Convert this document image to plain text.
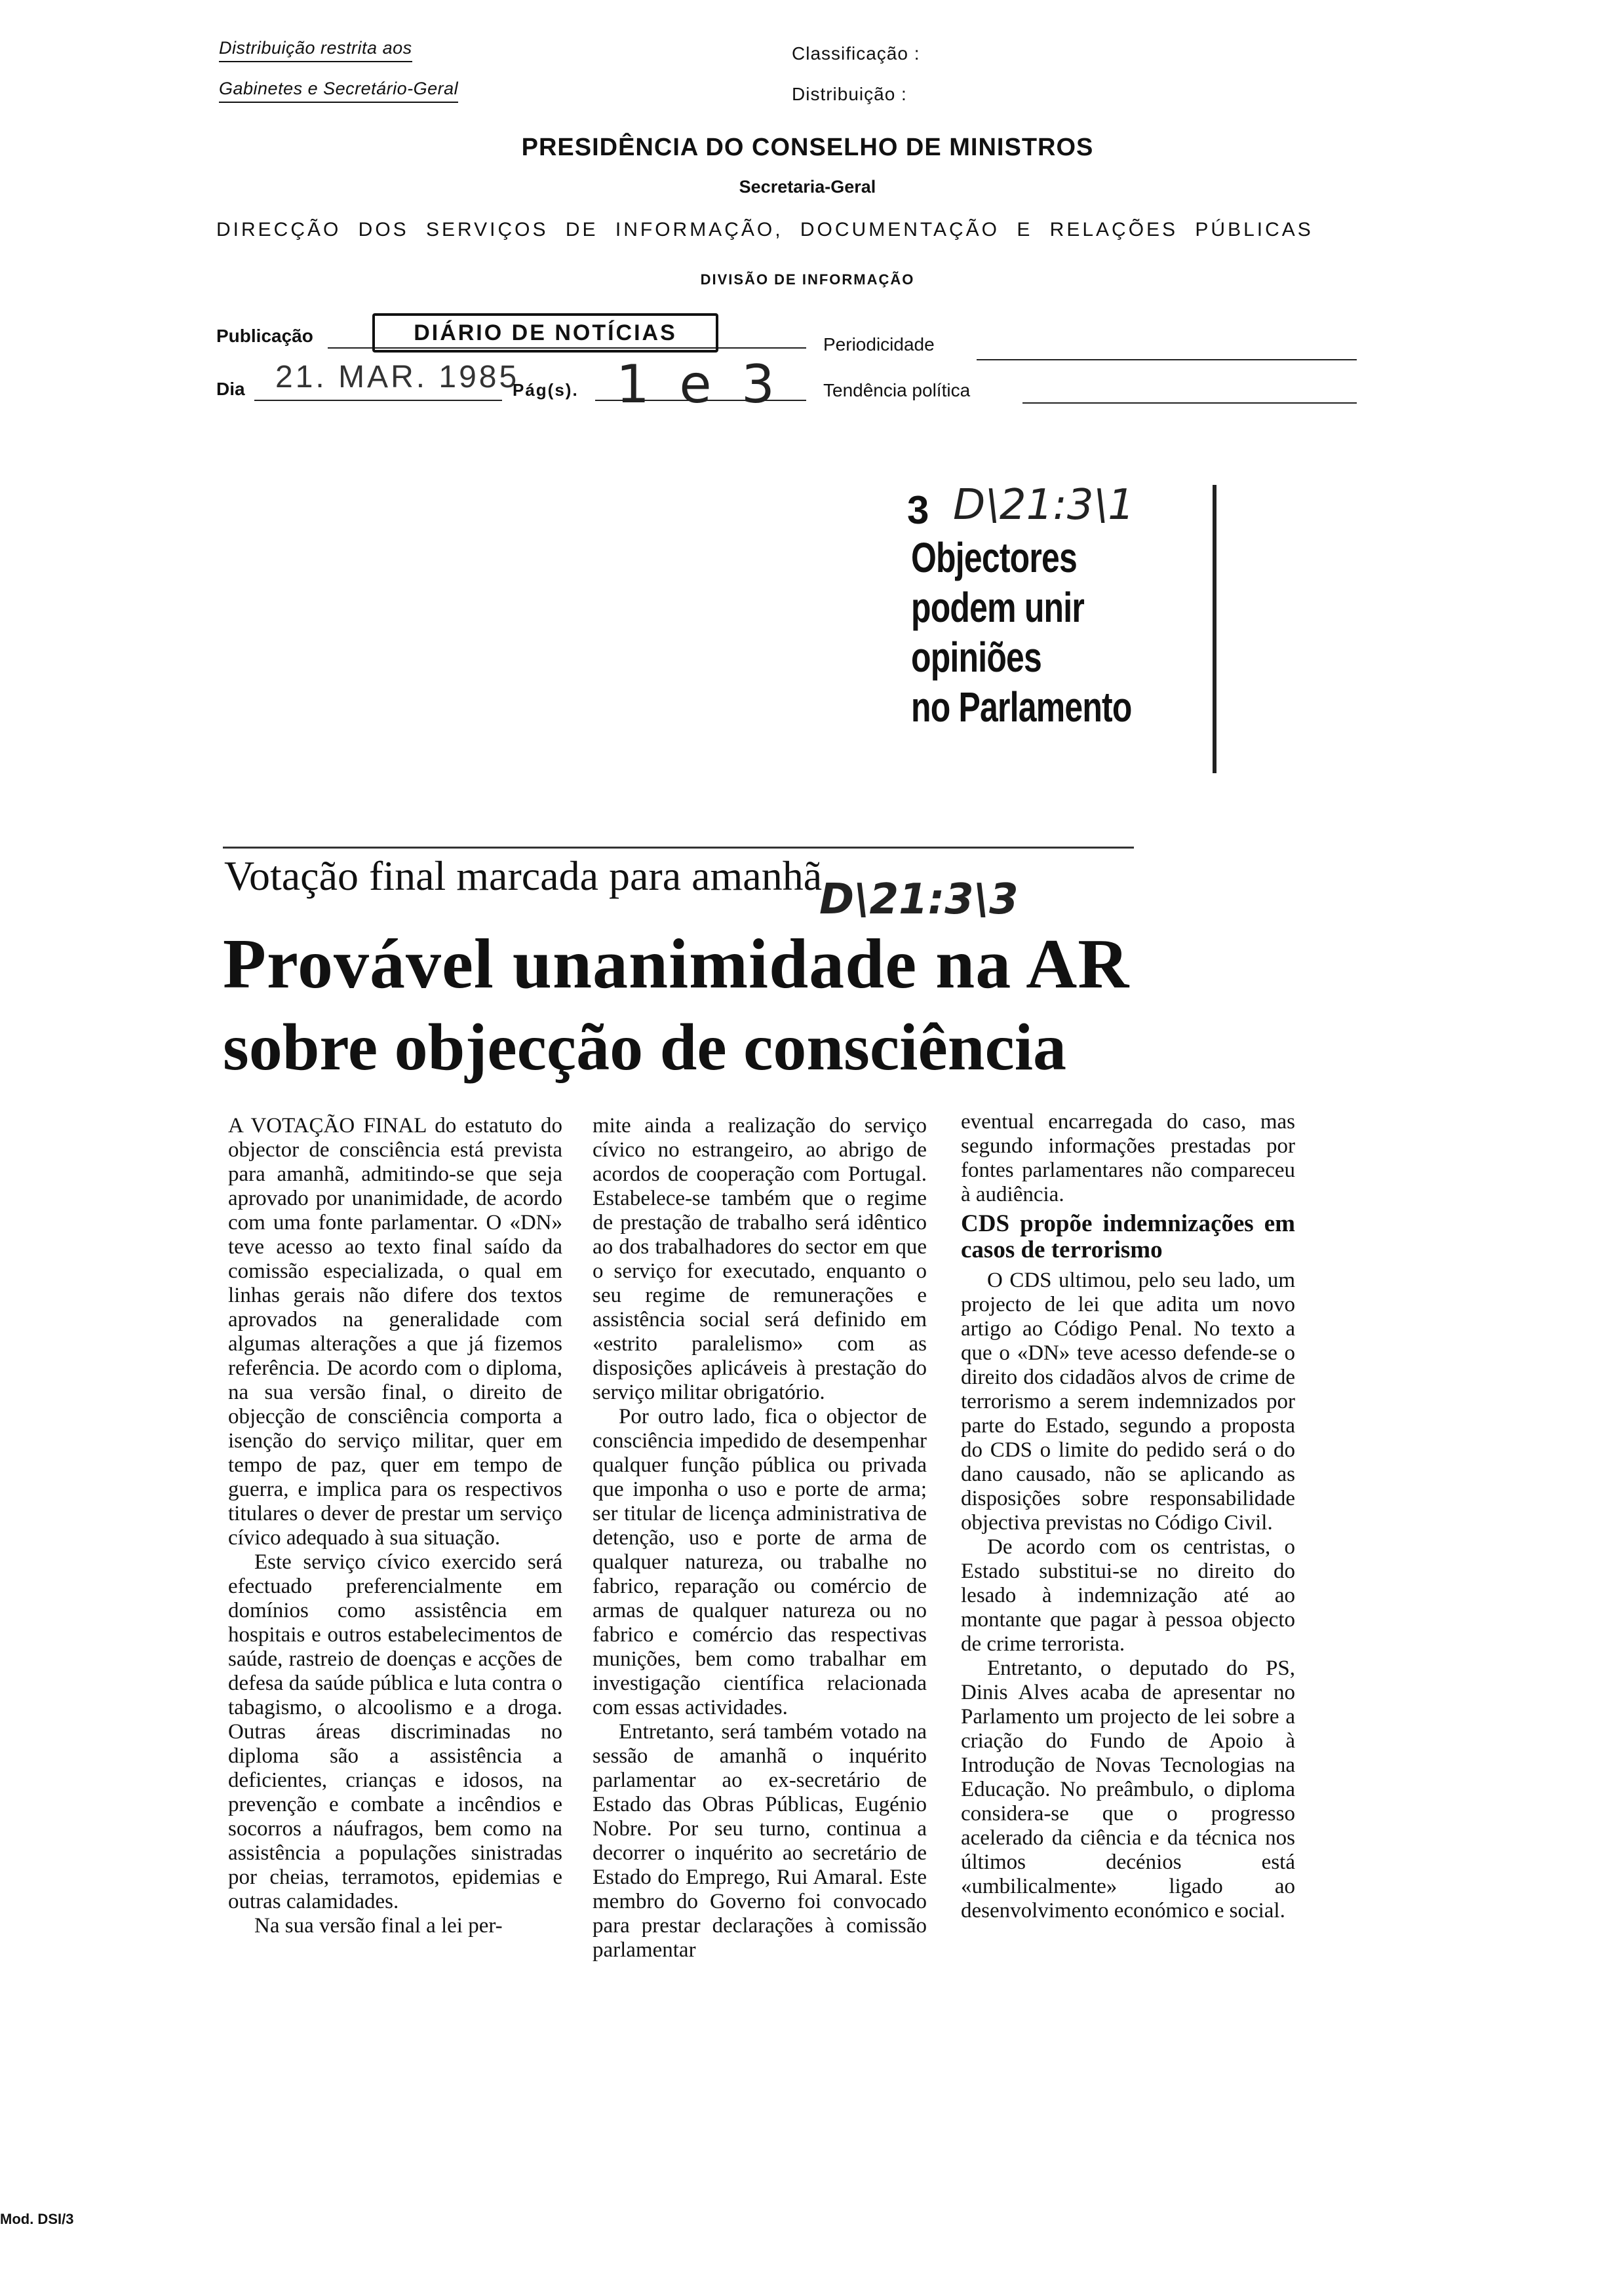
Distribuição restrita aos
Gabinetes e Secretário-Geral
Classificação :
Distribuição :
PRESIDÊNCIA DO CONSELHO DE MINISTROS
Secretaria-Geral
DIRECÇÃO DOS SERVIÇOS DE INFORMAÇÃO, DOCUMENTAÇÃO E RELAÇÕES PÚBLICAS
DIVISÃO DE INFORMAÇÃO
Publicação	DIÁRIO DE NOTÍCIAS	Periodicidade
Dia 21. MAR. 1985
Pág(s). 1 e 3 Tendência política
3 D\21:3\1
Objectores
podem unir
opiniões
no Parlamento
Votação final marcada para amanhã
D\21:3\3
Provável unanimidade na AR
sobre objecção de consciência

A VOTAÇÃO FINAL do estatuto do objector de consciência está prevista para amanhã, admitindo-se que seja aprovado por unanimidade, de acordo com uma fonte parlamentar. O «DN» teve acesso ao texto final saído da comissão especializada, o qual em linhas gerais não difere dos textos aprovados na generalidade com algumas alterações a que já fizemos referência. De acordo com o diploma, na sua versão final, o direito de objecção de consciência comporta a isenção do serviço militar, quer em tempo de paz, quer em tempo de guerra, e implica para os respectivos titulares o dever de prestar um serviço cívico adequado à sua situação.

Este serviço cívico exercido será efectuado preferencialmente em domínios como assistência em hospitais e outros estabelecimentos de saúde, rastreio de doenças e acções de defesa da saúde pública e luta contra o tabagismo, o alcoolismo e a droga. Outras áreas discriminadas no diploma são a assistência a deficientes, crianças e idosos, na prevenção e combate a incêndios e socorros a náufragos, bem como na assistência a populações sinistradas por cheias, terramotos, epidemias e outras calamidades.

Na sua versão final a lei per-

mite ainda a realização do serviço cívico no estrangeiro, ao abrigo de acordos de cooperação com Portugal. Estabelece-se também que o regime de prestação de trabalho será idêntico ao dos trabalhadores do sector em que o serviço for executado, enquanto o seu regime de remunerações e assistência social será definido em «estrito paralelismo» com as disposições aplicáveis à prestação do serviço militar obrigatório.

Por outro lado, fica o objector de consciência impedido de desempenhar qualquer função pública ou privada que imponha o uso e porte de arma; ser titular de licença administrativa de detenção, uso e porte de arma de qualquer natureza, ou trabalhe no fabrico, reparação ou comércio de armas de qualquer natureza ou no fabrico e comércio das respectivas munições, bem como trabalhar em investigação científica relacionada com essas actividades.

Entretanto, será também votado na sessão de amanhã o inquérito parlamentar ao ex-secretário de Estado das Obras Públicas, Eugénio Nobre. Por seu turno, continua a decorrer o inquérito ao secretário de Estado do Emprego, Rui Amaral. Este membro do Governo foi convocado para prestar declarações à comissão parlamentar

eventual encarregada do caso, mas segundo informações prestadas por fontes parlamentares não compareceu à audiência.

CDS propõe indemnizações em casos de terrorismo

O CDS ultimou, pelo seu lado, um projecto de lei que adita um novo artigo ao Código Penal. No texto a que o «DN» teve acesso defende-se o direito dos cidadãos alvos de crime de terrorismo a serem indemnizados por parte do Estado, segundo a proposta do CDS o limite do pedido será o do dano causado, não se aplicando as disposições sobre responsabilidade objectiva previstas no Código Civil.

De acordo com os centristas, o Estado substitui-se no direito do lesado à indemnização até ao montante que pagar à pessoa objecto de crime terrorista.

Entretanto, o deputado do PS, Dinis Alves acaba de apresentar no Parlamento um projecto de lei sobre a criação do Fundo de Apoio à Introdução de Novas Tecnologias na Educação. No preâmbulo, o diploma considera-se que o progresso acelerado da ciência e da técnica nos últimos decénios está «umbilicalmente» ligado ao desenvolvimento económico e social.

Mod. DSI/3
